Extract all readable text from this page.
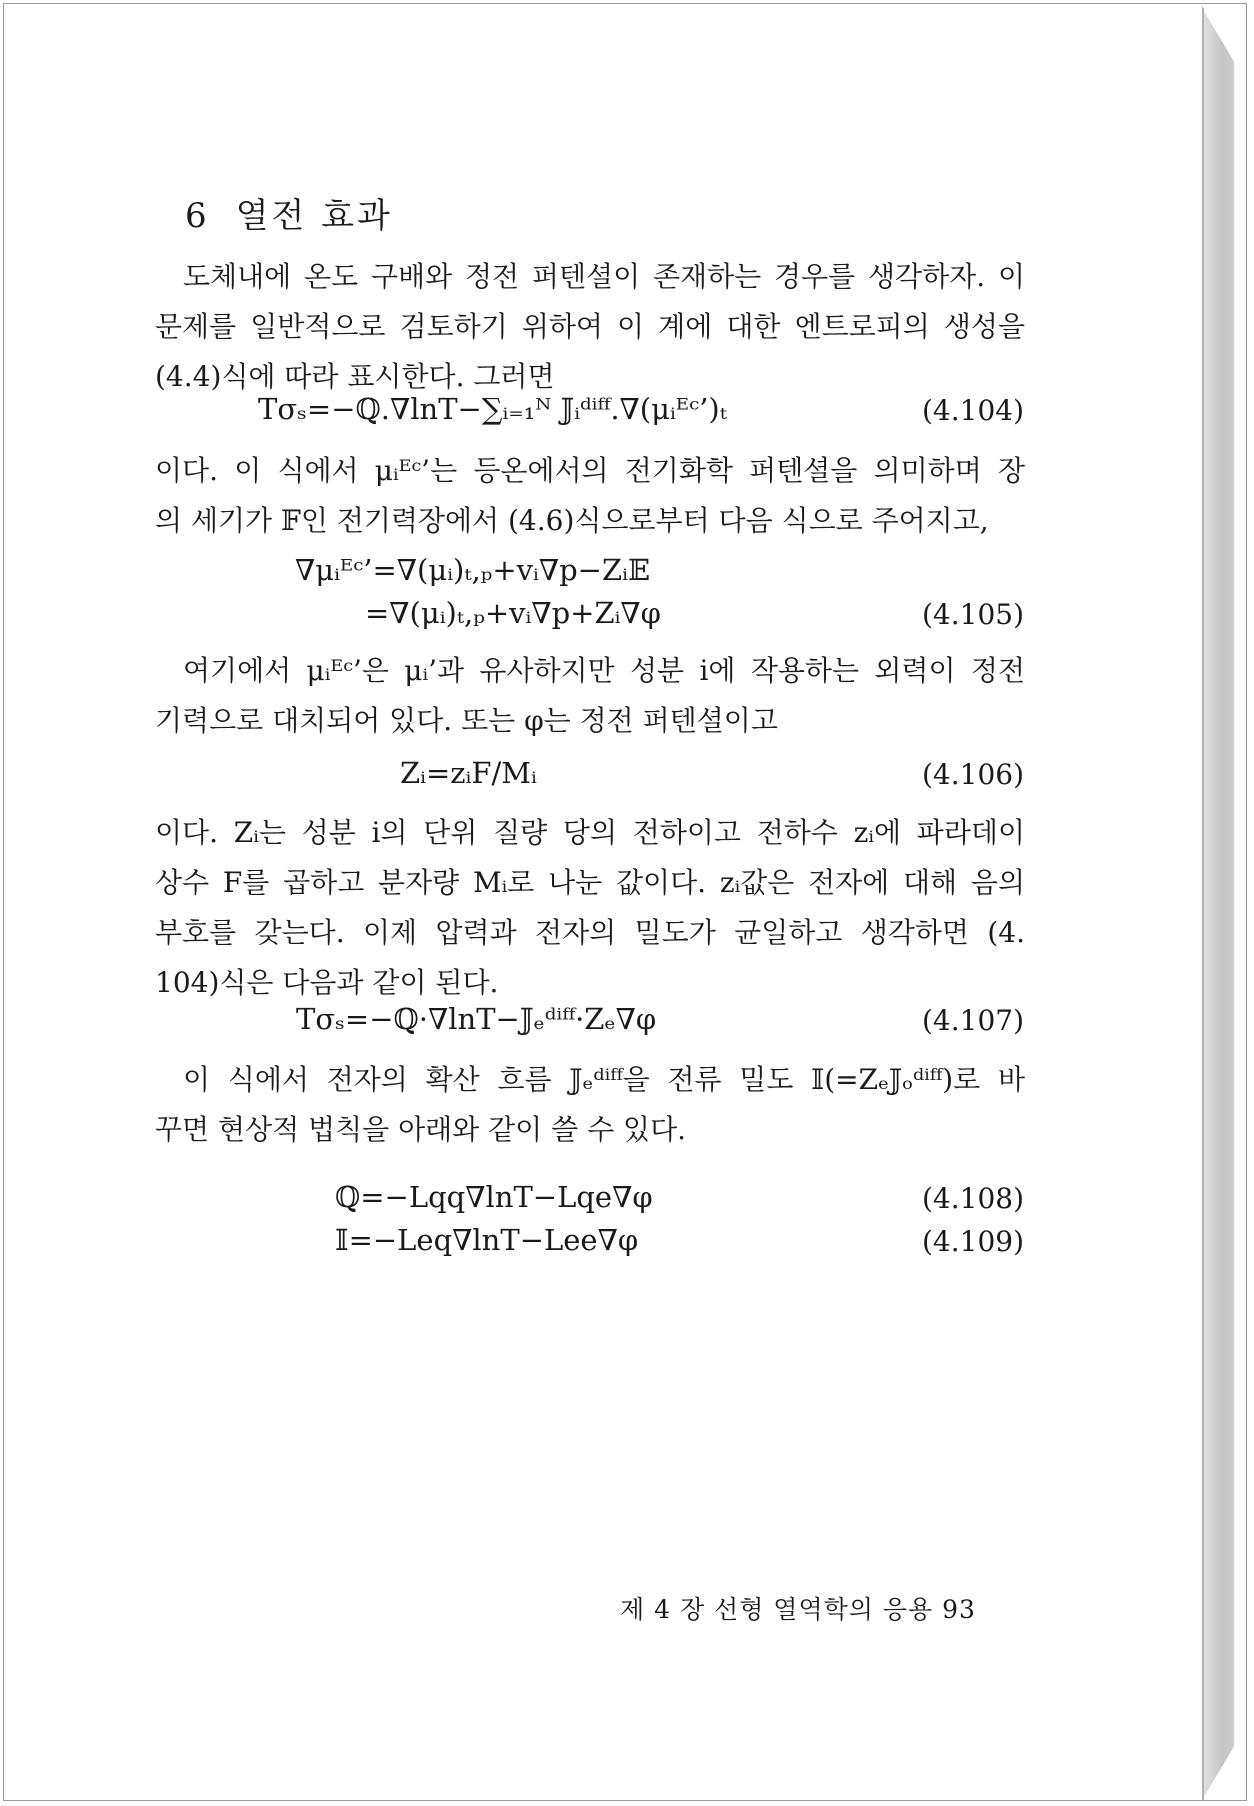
6 열전 효과
도체내에 온도 구배와 정전 퍼텐셜이 존재하는 경우를 생각하자. 이
문제를 일반적으로 검토하기 위하여 이 계에 대한 엔트로피의 생성을
(4.4)식에 따라 표시한다. 그러면
Tσₛ=−ℚ.∇lnT−∑ᵢ₌₁ᴺ 𝕁ᵢᵈⁱᶠᶠ.∇(μᵢᴱᶜ’)ₜ	(4.104)
이다. 이 식에서 μᵢᴱᶜ’는 등온에서의 전기화학 퍼텐셜을 의미하며 장
의 세기가 𝔽인 전기력장에서 (4.6)식으로부터 다음 식으로 주어지고,
∇μᵢᴱᶜ’=∇(μᵢ)ₜ,ₚ+vᵢ∇p−Zᵢ𝔼
=∇(μᵢ)ₜ,ₚ+vᵢ∇p+Zᵢ∇φ	(4.105)
여기에서 μᵢᴱᶜ’은 μᵢ’과 유사하지만 성분 i에 작용하는 외력이 정전
기력으로 대치되어 있다. 또는 φ는 정전 퍼텐셜이고
Zᵢ=zᵢF/Mᵢ	(4.106)
이다. Zᵢ는 성분 i의 단위 질량 당의 전하이고 전하수 zᵢ에 파라데이
상수 F를 곱하고 분자량 Mᵢ로 나눈 값이다. zᵢ값은 전자에 대해 음의
부호를 갖는다. 이제 압력과 전자의 밀도가 균일하고 생각하면 (4.
104)식은 다음과 같이 된다.
Tσₛ=−ℚ·∇lnT−𝕁ₑᵈⁱᶠᶠ·Zₑ∇φ	(4.107)
이 식에서 전자의 확산 흐름 𝕁ₑᵈⁱᶠᶠ을 전류 밀도 𝕀(=Zₑ𝕁ₒᵈⁱᶠᶠ)로 바
꾸면 현상적 법칙을 아래와 같이 쓸 수 있다.
ℚ=−Lqq∇lnT−Lqe∇φ	(4.108)
𝕀=−Leq∇lnT−Lee∇φ	(4.109)
제 4 장 선형 열역학의 응용 93
